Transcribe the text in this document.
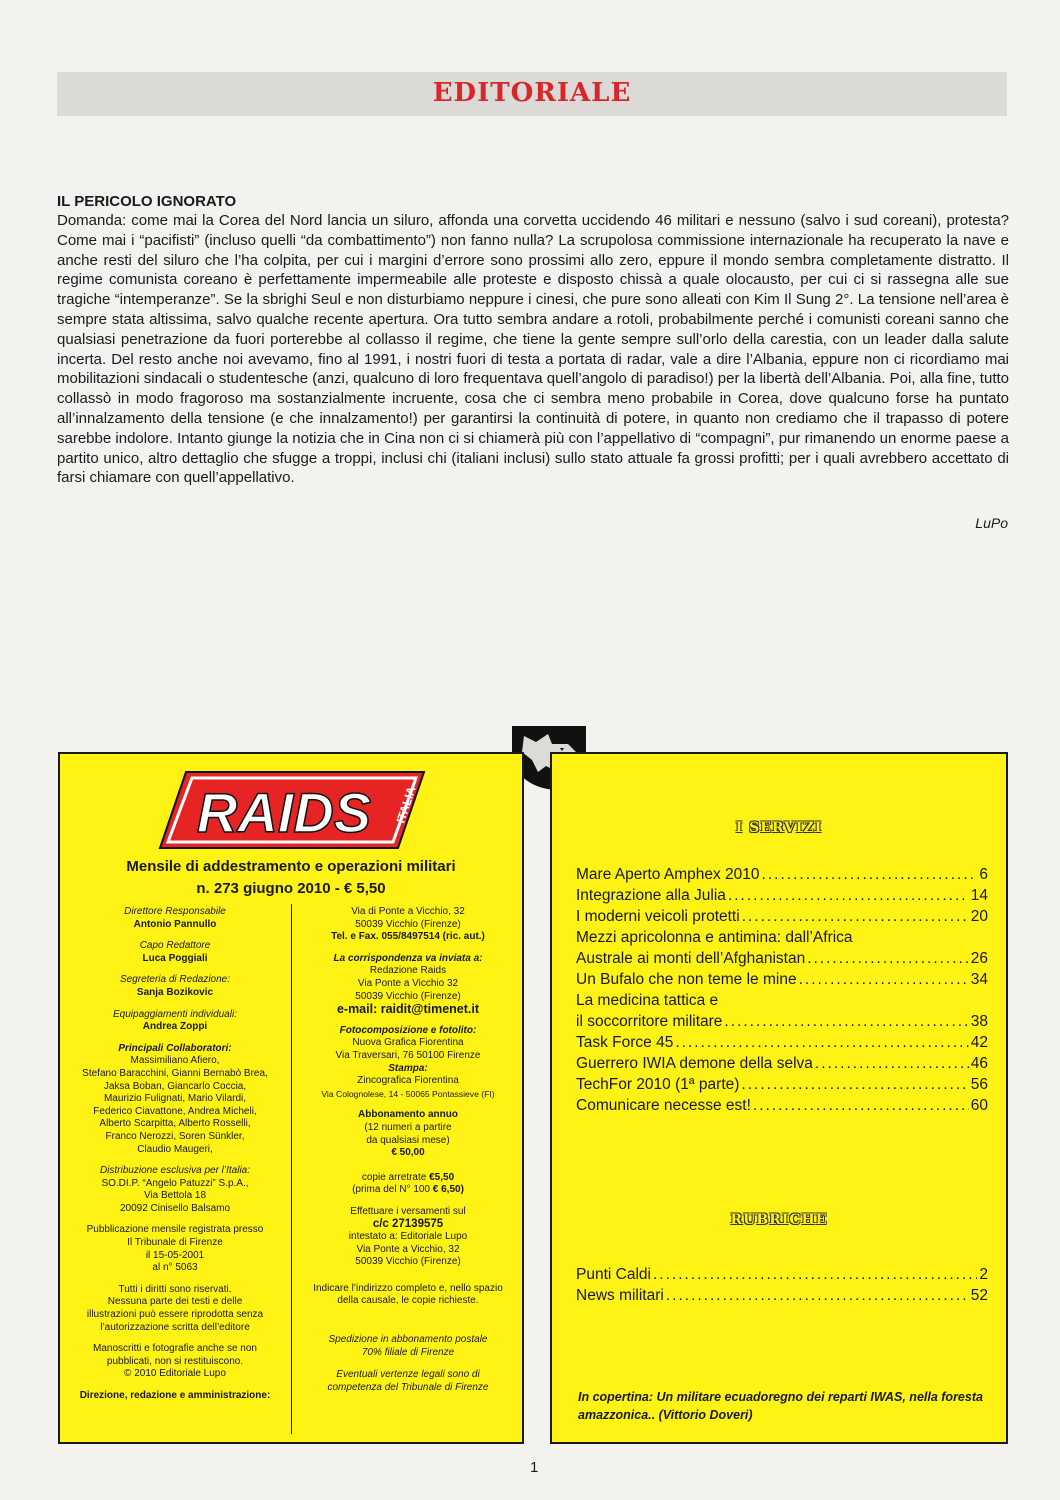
EDITORIALE

IL PERICOLO IGNORATO

Domanda: come mai la Corea del Nord lancia un siluro, affonda una corvetta uccidendo 46 militari e nessuno (salvo i sud coreani), protesta? Come mai i “pacifisti” (incluso quelli “da combattimento”) non fanno nulla? La scrupolosa commissione internazionale ha recuperato la nave e anche resti del siluro che l’ha colpita, per cui i margini d’errore sono prossimi allo zero, eppure il mondo sembra completamente distratto. Il regime comunista coreano è perfettamente impermeabile alle proteste e disposto chissà a quale olocausto, per cui ci si rassegna alle sue tragiche “intemperanze”. Se la sbrighi Seul e non disturbiamo neppure i cinesi, che pure sono alleati con Kim Il Sung 2°. La tensione nell’area è sempre stata altissima, salvo qualche recente apertura. Ora tutto sembra andare a rotoli, probabilmente perché i comunisti coreani sanno che qualsiasi penetrazione da fuori porterebbe al collasso il regime, che tiene la gente sempre sull’orlo della carestia, con un leader dalla salute incerta. Del resto anche noi avevamo, fino al 1991, i nostri fuori di testa a portata di radar, vale a dire l’Albania, eppure non ci ricordiamo mai mobilitazioni sindacali o studentesche (anzi, qualcuno di loro frequentava quell’angolo di paradiso!) per la libertà dell’Albania. Poi, alla fine, tutto collassò in modo fragoroso ma sostanzialmente incruente, cosa che ci sembra meno probabile in Corea, dove qualcuno forse ha puntato all’innalzamento della tensione (e che innalzamento!) per garantirsi la continuità di potere, in quanto non crediamo che il trapasso di potere sarebbe indolore. Intanto giunge la notizia che in Cina non ci si chiamerà più con l’appellativo di “compagni”, pur rimanendo un enorme paese a partito unico, altro dettaglio che sfugge a troppi, inclusi chi (italiani inclusi) sullo stato attuale fa grossi profitti; per i quali avrebbero accettato di farsi chiamare con quell’appellativo.

LuPo
RAIDS ITALIA
Mensile di addestramento e operazioni militari
n. 273 giugno 2010 - € 5,50
Direttore Responsabile
Antonio Pannullo
Capo Redattore
Luca Poggiali
Segreteria di Redazione:
Sanja Bozikovic
Equipaggiamenti individuali:
Andrea Zoppi
Principali Collaboratori:
Massimiliano Afiero,
Stefano Baracchini, Gianni Bernabò Brea,
Jaksa Boban, Giancarlo Coccia,
Maurizio Fulignati, Mario Vilardi,
Federico Ciavattone, Andrea Micheli,
Alberto Scarpitta, Alberto Rosselli,
Franco Nerozzi, Soren Sünkler,
Claudio Maugeri,
Distribuzione esclusiva per l’Italia:
SO.DI.P. “Angelo Patuzzi” S.p.A.,
Via Bettola 18
20092 Cinisello Balsamo
Pubblicazione mensile registrata presso
Il Tribunale di Firenze
il 15-05-2001
al n° 5063
Tutti i diritti sono riservati.
Nessuna parte dei testi e delle
illustrazioni può essere riprodotta senza
l’autorizzazione scritta dell’editore
Manoscritti e fotografie anche se non
pubblicati, non si restituiscono.
© 2010 Editoriale Lupo
Direzione, redazione e amministrazione:
Via di Ponte a Vicchio, 32
50039 Vicchio (Firenze)
Tel. e Fax. 055/8497514 (ric. aut.)
La corrispondenza va inviata a:
Redazione Raids
Via Ponte a Vicchio 32
50039 Vicchio (Firenze)
e-mail: raidit@timenet.it
Fotocomposizione e fotolito:
Nuova Grafica Fiorentina
Via Traversari, 76 50100 Firenze
Stampa:
Zincografica Fiorentina
Via Colognolese, 14 - 50065 Pontassieve (FI)
Abbonamento annuo
(12 numeri a partire
da qualsiasi mese)
€ 50,00
copie arretrate €5,50
(prima del N° 100 € 6,50)
Effettuare i versamenti sul
c/c 27139575
intestato a: Editoriale Lupo
Via Ponte a Vicchio, 32
50039 Vicchio (Firenze)
Indicare l’indirizzo completo e, nello spazio
della causale, le copie richieste.
Spedizione in abbonamento postale
70% filiale di Firenze
Eventuali vertenze legali sono di
competenza del Tribunale di Firenze
I SERVIZI
Mare Aperto Amphex 2010 .....	6
Integrazione alla Julia .....	14
I moderni veicoli protetti .....	20
Mezzi apricolonna e antimina: dall’Africa
Australe ai monti dell’Afghanistan .....	26
Un Bufalo che non teme le mine .....	34
La medicina tattica e
il soccorritore militare .....	38
Task Force 45 .....	42
Guerrero IWIA demone della selva .....	46
TechFor 2010 (1ª parte) .....	56
Comunicare necesse est! .....	60
RUBRICHE
Punti Caldi .....	2
News militari .....	52
In copertina: Un militare ecuadoregno dei reparti IWAS, nella foresta amazzonica.. (Vittorio Doveri)
1
